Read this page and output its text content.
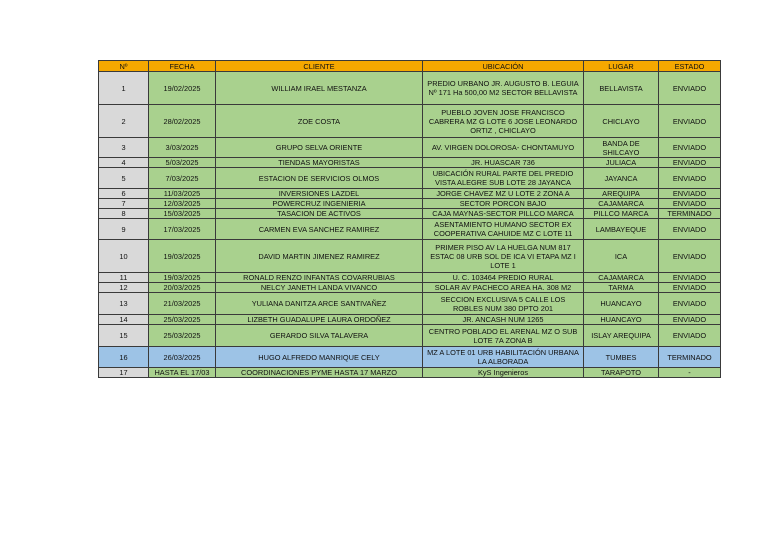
Nº	FECHA	CLIENTE	UBICACIÓN	LUGAR	ESTADO
1	19/02/2025	WILLIAM IRAEL MESTANZA	PREDIO URBANO JR. AUGUSTO B. LEGUIA Nº 171 Ha 500,00 M2 SECTOR BELLAVISTA	BELLAVISTA	ENVIADO
2	28/02/2025	ZOE COSTA	PUEBLO JOVEN JOSE FRANCISCO CABRERA MZ G LOTE 6 JOSE LEONARDO ORTIZ , CHICLAYO	CHICLAYO	ENVIADO
3	3/03/2025	GRUPO SELVA ORIENTE	AV. VIRGEN DOLOROSA- CHONTAMUYO	BANDA DE SHILCAYO	ENVIADO
4	5/03/2025	TIENDAS MAYORISTAS	JR. HUASCAR 736	JULIACA	ENVIADO
5	7/03/2025	ESTACION DE SERVICIOS OLMOS	UBICACIÓN RURAL PARTE DEL PREDIO VISTA ALEGRE SUB LOTE 28 JAYANCA	JAYANCA	ENVIADO
6	11/03/2025	INVERSIONES LAZDEL	JORGE CHAVEZ MZ U LOTE 2 ZONA A	AREQUIPA	ENVIADO
7	12/03/2025	POWERCRUZ INGENIERIA	SECTOR PORCON BAJO	CAJAMARCA	ENVIADO
8	15/03/2025	TASACION DE ACTIVOS	CAJA MAYNAS-SECTOR PILLCO MARCA	PILLCO MARCA	TERMINADO
9	17/03/2025	CARMEN EVA SANCHEZ RAMIREZ	ASENTAMIENTO HUMANO SECTOR EX COOPERATIVA CAHUIDE MZ C LOTE 11	LAMBAYEQUE	ENVIADO
10	19/03/2025	DAVID MARTIN JIMENEZ RAMIREZ	PRIMER PISO AV LA HUELGA NUM 817 ESTAC 08 URB SOL DE ICA VI ETAPA MZ I LOTE 1	ICA	ENVIADO
11	19/03/2025	RONALD RENZO INFANTAS COVARRUBIAS	U. C. 103464 PREDIO RURAL	CAJAMARCA	ENVIADO
12	20/03/2025	NELCY JANETH LANDA VIVANCO	SOLAR AV PACHECO AREA HA. 308 M2	TARMA	ENVIADO
13	21/03/2025	YULIANA DANITZA ARCE SANTIVAÑEZ	SECCION EXCLUSIVA 5 CALLE LOS ROBLES NUM 380 DPTO 201	HUANCAYO	ENVIADO
14	25/03/2025	LIZBETH GUADALUPE LAURA ORDOÑEZ	JR. ANCASH NUM 1265	HUANCAYO	ENVIADO
15	25/03/2025	GERARDO SILVA TALAVERA	CENTRO POBLADO EL ARENAL MZ O SUB LOTE 7A ZONA B	ISLAY AREQUIPA	ENVIADO
16	26/03/2025	HUGO ALFREDO MANRIQUE CELY	MZ A LOTE 01 URB HABILITACIÓN URBANA LA ALBORADA	TUMBES	TERMINADO
17	HASTA EL 17/03	COORDINACIONES PYME HASTA 17 MARZO	KyS Ingenieros	TARAPOTO	-
